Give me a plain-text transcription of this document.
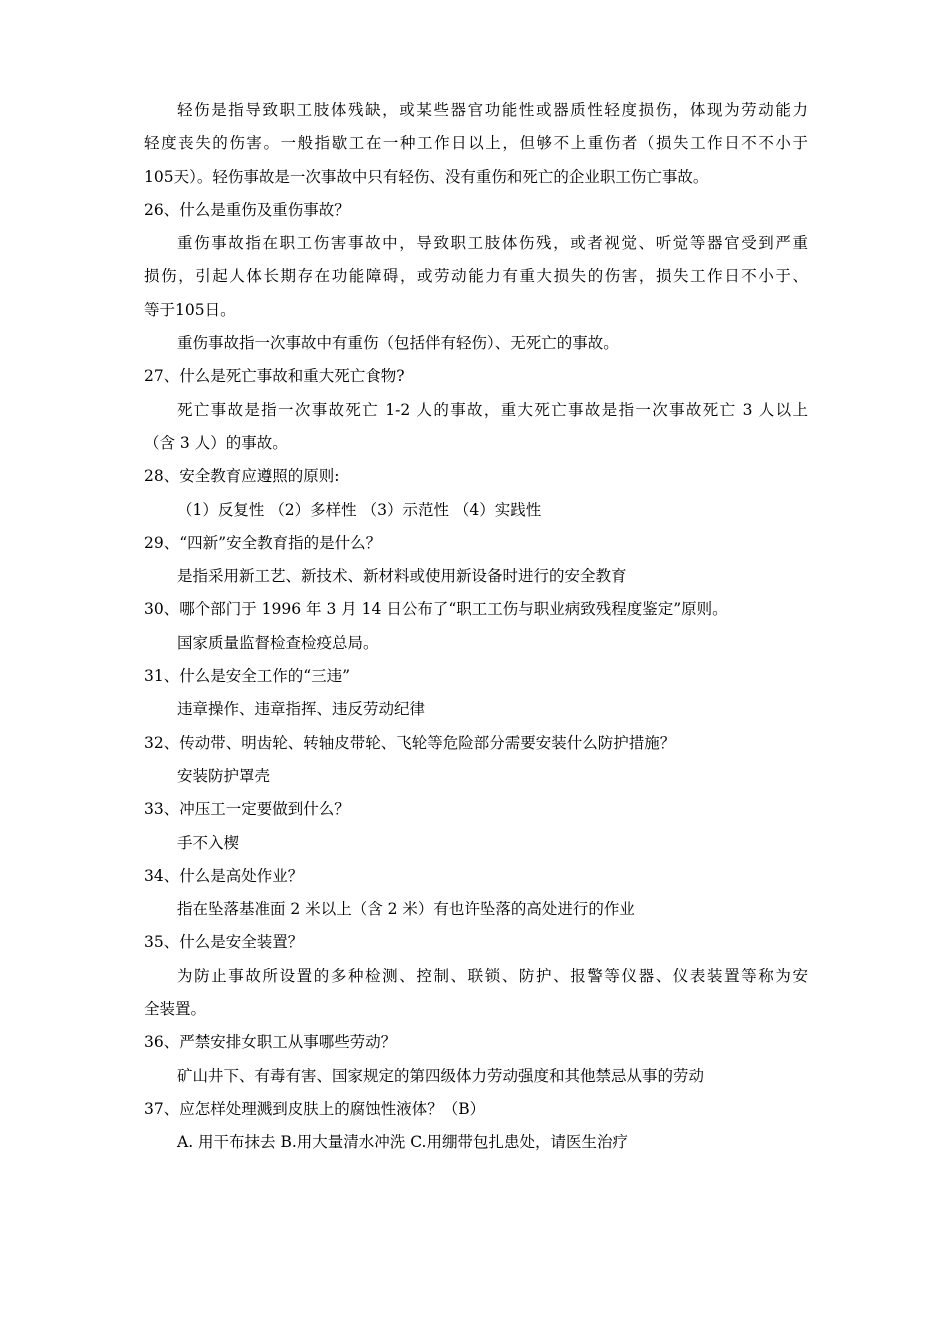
轻伤是指导致职工肢体残缺，或某些器官功能性或器质性轻度损伤，体现为劳动能力
轻度丧失的伤害。一般指歇工在一种工作日以上，但够不上重伤者（损失工作日不不小于
105天）。轻伤事故是一次事故中只有轻伤、没有重伤和死亡的企业职工伤亡事故。
26、什么是重伤及重伤事故？
重伤事故指在职工伤害事故中，导致职工肢体伤残，或者视觉、听觉等器官受到严重
损伤，引起人体长期存在功能障碍，或劳动能力有重大损失的伤害，损失工作日不小于、
等于105日。
重伤事故指一次事故中有重伤（包括伴有轻伤）、无死亡的事故。
27、什么是死亡事故和重大死亡食物?
死亡事故是指一次事故死亡 1-2 人的事故，重大死亡事故是指一次事故死亡 3 人以上
（含 3 人）的事故。
28、安全教育应遵照的原则:
（1）反复性 （2）多样性 （3）示范性 （4）实践性
29、“四新”安全教育指的是什么？
是指采用新工艺、新技术、新材料或使用新设备时进行的安全教育
30、哪个部门于 1996 年 3 月 14 日公布了“职工工伤与职业病致残程度鉴定”原则。
国家质量监督检查检疫总局。
31、什么是安全工作的“三违”
违章操作、违章指挥、违反劳动纪律
32、传动带、明齿轮、转轴皮带轮、飞轮等危险部分需要安装什么防护措施？
安装防护罩壳
33、冲压工一定要做到什么？
手不入楔
34、什么是高处作业？
指在坠落基准面 2 米以上（含 2 米）有也许坠落的高处进行的作业
35、什么是安全装置？
为防止事故所设置的多种检测、控制、联锁、防护、报警等仪器、仪表装置等称为安
全装置。
36、严禁安排女职工从事哪些劳动？
矿山井下、有毒有害、国家规定的第四级体力劳动强度和其他禁忌从事的劳动
37、应怎样处理溅到皮肤上的腐蚀性液体？（B）
A. 用干布抹去 B.用大量清水冲洗 C.用绷带包扎患处，请医生治疗
